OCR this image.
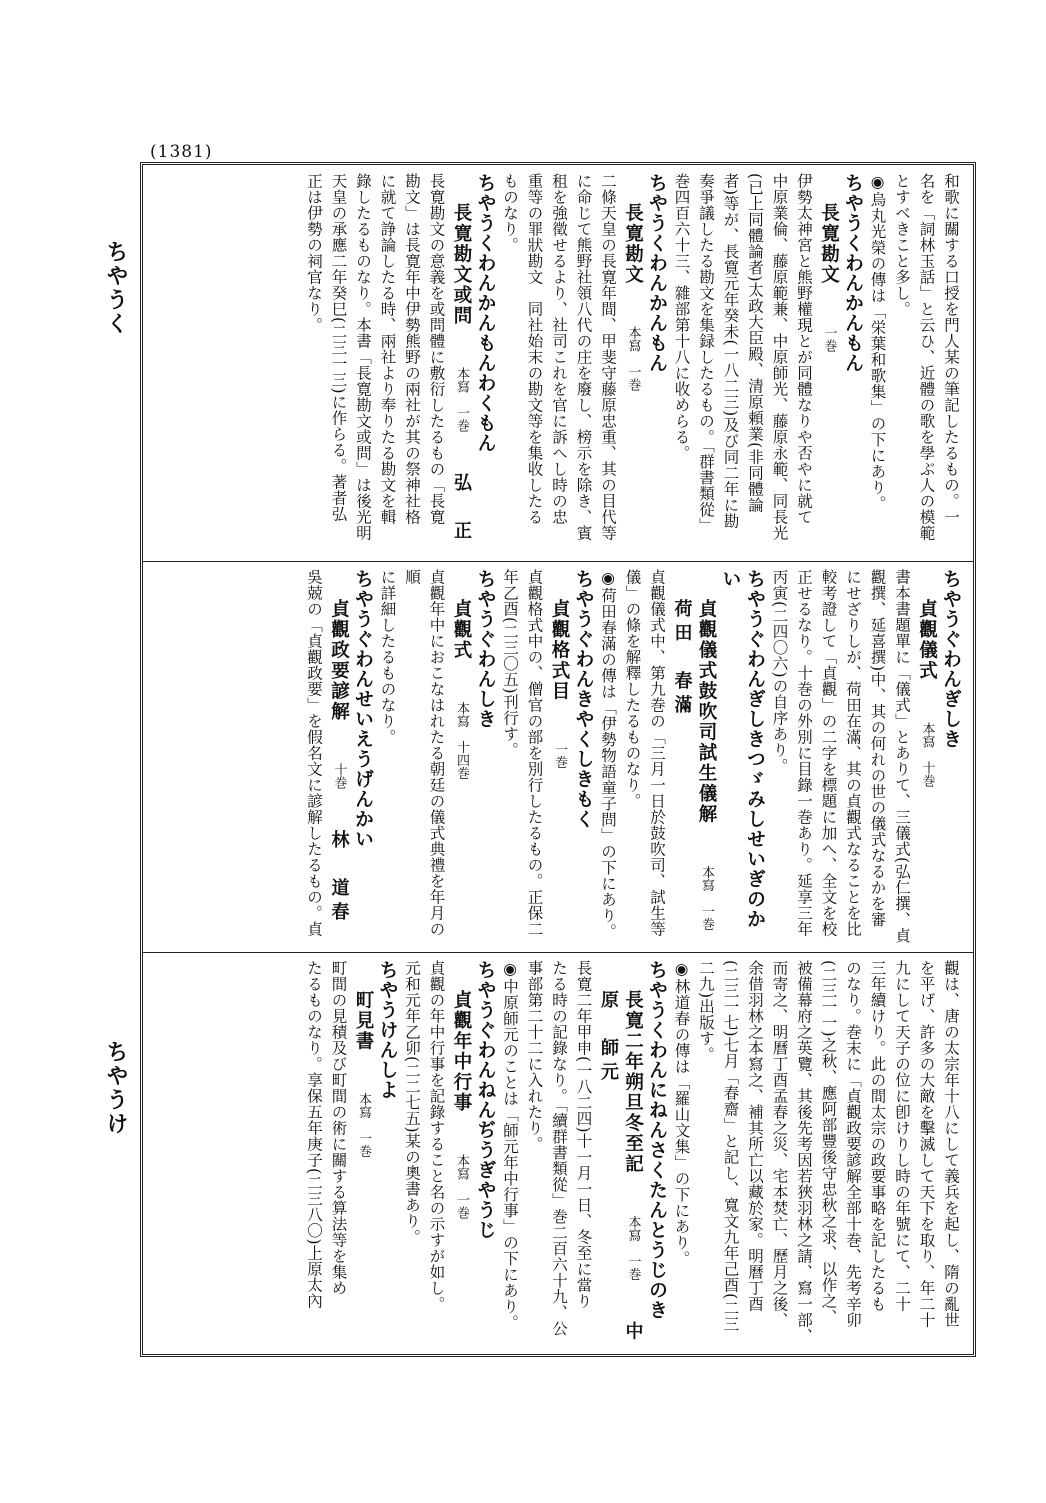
(1381)
ちやうく
ちやうけ

和歌に關する口授を門人某の筆記したるもの。一

名を「詞林玉話」と云ひ、近體の歌を學ぶ人の模範

とすべきこと多し。

◉烏丸光榮の傳は「栄葉和歌集」の下にあり。

ちやうくわんかんもん

長寛勘文　　一巻

伊勢太神宮と熊野權現とが同體なりや否やに就て

中原業倫、藤原範兼、中原師光、藤原永範、同長光

(已上同體論者)太政大臣殿、清原頼業(非同體論

者)等が、長寛元年癸未(一八二三)及び同二年に勘

奏爭議したる勘文を集録したるもの。「群書類從」

巻四百六十三、雜部第十八に收めらる。

ちやうくわんかんもん

長寛勘文　　本寫　一巻

二條天皇の長寛年間、甲斐守藤原忠重、其の目代等

に命じて熊野社領八代の庄を廢し、榜示を除き、賓

租を強徵せるより、社司これを官に訴へし時の忠

重等の罪狀勘文　同社始末の勘文等を集收したる

ものなり。

ちやうくわんかんもんわくもん

長寛勘文或問　　本寫　一巻　　弘　正

長寛勘文の意義を或問體に敷衍したるもの「長寛

勘文」は長寛年中伊勢熊野の兩社が其の祭神社格

に就て諍論したる時、兩社より奉りたる勘文を輯

錄したるものなり。本書「長寛勘文或問」は後光明

天皇の承應二年癸巳(二三一三)に作らる。著者弘

正は伊勢の祠官なり。

ちやうぐわんぎしき

貞觀儀式　　本寫　十巻

書本書題單に「儀式」とありて、三儀式(弘仁撰、貞

觀撰、延喜撰)中、其の何れの世の儀式なるかを審

にせざりしが、荷田在滿、其の貞觀式なることを比

較考證して「貞觀」の二字を標題に加へ、全文を校

正せるなり。十巻の外別に目錄一巻あり。延享三年

丙寅(二四〇六)の自序あり。

ちやうぐわんぎしきつゞみしせいぎのかい

貞觀儀式鼓吹司試生儀解　　本寫　一巻　　荷田　春滿

貞觀儀式中、第九巻の「三月一日於鼓吹司、試生等

儀」の條を解釋したるものなり。

◉荷田春滿の傳は「伊勢物語童子問」の下にあり。

ちやうぐわんきやくしきもく

貞觀格式目　　一巻

貞觀格式中の、僧官の部を別行したるもの。正保二

年乙酉(二三〇五)刊行す。

ちやうぐわんしき

貞觀式　　本寫　十四巻

貞觀年中におこなはれたる朝廷の儀式典禮を年月の順

に詳細したるものなり。

ちやうぐわんせいえうげんかい

貞觀政要諺解　　十巻　　林　道春

吳兢の「貞觀政要」を假名文に諺解したるもの。貞

觀は、唐の太宗年十八にして義兵を起し、隋の亂世

を平げ、許多の大敵を擊滅して天下を取り、年二十

九にして天子の位に卽けりし時の年號にて、二十

三年續けり。此の間太宗の政要事略を記したるも

のなり。巻末に「貞觀政要諺解全部十巻、先考辛卯

(二三一一)之秋、應阿部豐後守忠秋之求、以作之、

被備幕府之英覽、其後先考因若狹羽林之請、寫一部、

而寄之、明曆丁酉孟春之災、宅本焚亡、歷月之後、

余借羽林之本寫之、補其所亡以藏於家。明曆丁酉

(二三一七)七月「春齋」と記し、寬文九年己酉(二三

二九)出版す。

◉林道春の傳は「羅山文集」の下にあり。

ちやうくわんにねんさくたんとうじのき

長寛二年朔旦冬至記　　本寫　一巻　　中原　師元

長寛二年甲申(一八二四)十一月一日、冬至に當り

たる時の記錄なり。「續群書類從」巻二百六十九、公

事部第二十二に入れたり。

◉中原師元のことは「師元年中行事」の下にあり。

ちやうぐわんねんぢうぎやうじ

貞觀年中行事　　本寫　一巻

貞觀の年中行事を記錄すること名の示すが如し。

元和元年乙卯(二二七五)某の奧書あり。

ちやうけんしよ

町見書　　本寫　一巻

町間の見積及び町間の術に關する算法等を集め

たるものなり。享保五年庚子(二三八〇)上原太內
